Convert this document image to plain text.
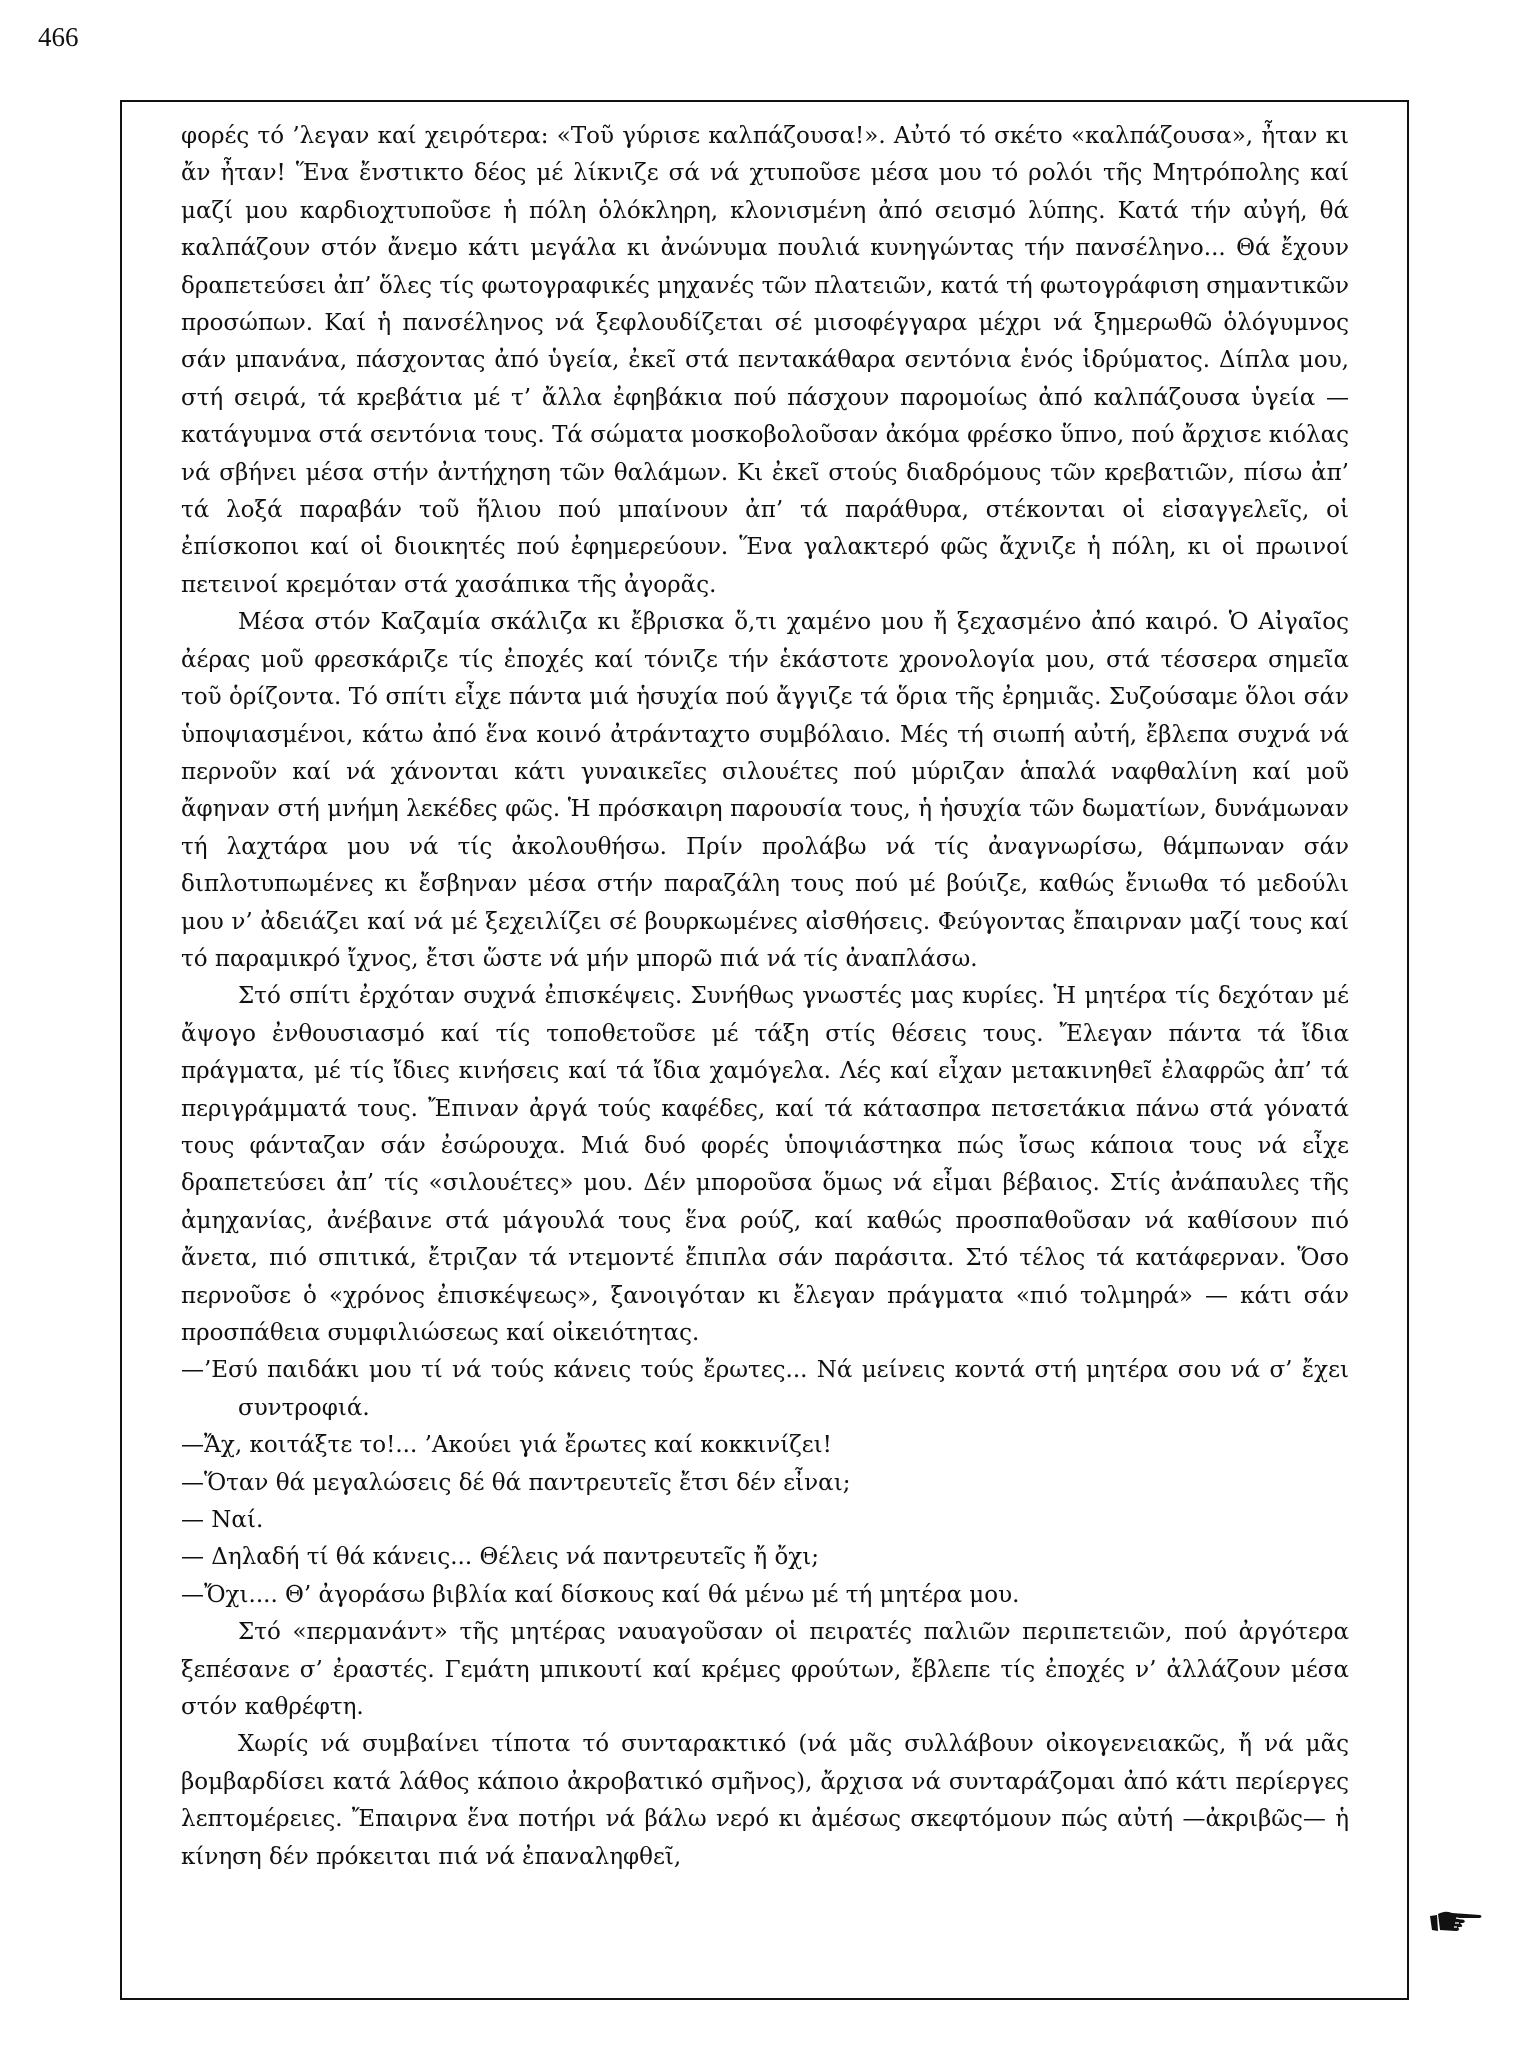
466

φορές τό ’λεγαν καί χειρότερα: «Τοῦ γύρισε καλπάζουσα!». Αὐτό τό σκέτο «καλπάζουσα», ἦταν κι ἄν ἦταν! Ἕνα ἔνστικτο δέος μέ λίκνιζε σά νά χτυποῦσε μέσα μου τό ρολόι τῆς Μητρόπολης καί μαζί μου καρδιοχτυποῦσε ἡ πόλη ὁλόκληρη, κλονισμένη ἀπό σεισμό λύπης. Κατά τήν αὐγή, θά καλπάζουν στόν ἄνεμο κάτι μεγάλα κι ἀνώνυμα πουλιά κυνηγώντας τήν πανσέληνο... Θά ἔχουν δραπετεύσει ἀπ’ ὅλες τίς φωτογραφικές μηχανές τῶν πλατειῶν, κατά τή φωτογράφιση σημαντικῶν προσώπων. Καί ἡ πανσέληνος νά ξεφλουδίζεται σέ μισοφέγγαρα μέχρι νά ξημερωθῶ ὁλόγυμνος σάν μπανάνα, πάσχοντας ἀπό ὑγεία, ἐκεῖ στά πεντακάθαρα σεντόνια ἑνός ἱδρύματος. Δίπλα μου, στή σειρά, τά κρεβάτια μέ τ’ ἄλλα ἐφηβάκια πού πάσχουν παρομοίως ἀπό καλπάζουσα ὑγεία — κατάγυμνα στά σεντόνια τους. Τά σώματα μοσκοβολοῦσαν ἀκόμα φρέσκο ὕπνο, πού ἄρχισε κιόλας νά σβήνει μέσα στήν ἀντήχηση τῶν θαλάμων. Κι ἐκεῖ στούς διαδρόμους τῶν κρεβατιῶν, πίσω ἀπ’ τά λοξά παραβάν τοῦ ἥλιου πού μπαίνουν ἀπ’ τά παράθυρα, στέκονται οἱ εἰσαγγελεῖς, οἱ ἐπίσκοποι καί οἱ διοικητές πού ἐφημερεύουν. Ἕνα γαλακτερό φῶς ἄχνιζε ἡ πόλη, κι οἱ πρωινοί πετεινοί κρεμόταν στά χασάπικα τῆς ἀγορᾶς.

Μέσα στόν Καζαμία σκάλιζα κι ἔβρισκα ὅ,τι χαμένο μου ἤ ξεχασμένο ἀπό καιρό. Ὁ Αἰγαῖος ἀέρας μοῦ φρεσκάριζε τίς ἐποχές καί τόνιζε τήν ἑκάστοτε χρονολογία μου, στά τέσσερα σημεῖα τοῦ ὁρίζοντα. Τό σπίτι εἶχε πάντα μιά ἡσυχία πού ἄγγιζε τά ὅρια τῆς ἐρημιᾶς. Συζούσαμε ὅλοι σάν ὑποψιασμένοι, κάτω ἀπό ἕνα κοινό ἀτράνταχτο συμβόλαιο. Μές τή σιωπή αὐτή, ἔβλεπα συχνά νά περνοῦν καί νά χάνονται κάτι γυναικεῖες σιλουέτες πού μύριζαν ἁπαλά ναφθαλίνη καί μοῦ ἄφηναν στή μνήμη λεκέδες φῶς. Ἡ πρόσκαιρη παρουσία τους, ἡ ἡσυχία τῶν δωματίων, δυνάμωναν τή λαχτάρα μου νά τίς ἀκολουθήσω. Πρίν προλάβω νά τίς ἀναγνωρίσω, θάμπωναν σάν διπλοτυπωμένες κι ἔσβηναν μέσα στήν παραζάλη τους πού μέ βούιζε, καθώς ἔνιωθα τό μεδούλι μου ν’ ἀδειάζει καί νά μέ ξεχειλίζει σέ βουρκωμένες αἰσθήσεις. Φεύγοντας ἔπαιρναν μαζί τους καί τό παραμικρό ἴχνος, ἔτσι ὥστε νά μήν μπορῶ πιά νά τίς ἀναπλάσω.

Στό σπίτι ἐρχόταν συχνά ἐπισκέψεις. Συνήθως γνωστές μας κυρίες. Ἡ μητέρα τίς δεχόταν μέ ἄψογο ἐνθουσιασμό καί τίς τοποθετοῦσε μέ τάξη στίς θέσεις τους. Ἔλεγαν πάντα τά ἴδια πράγματα, μέ τίς ἴδιες κινήσεις καί τά ἴδια χαμόγελα. Λές καί εἶχαν μετακινηθεῖ ἐλαφρῶς ἀπ’ τά περιγράμματά τους. Ἔπιναν ἀργά τούς καφέδες, καί τά κάτασπρα πετσετάκια πάνω στά γόνατά τους φάνταζαν σάν ἐσώρουχα. Μιά δυό φορές ὑποψιάστηκα πώς ἴσως κάποια τους νά εἶχε δραπετεύσει ἀπ’ τίς «σιλουέτες» μου. Δέν μποροῦσα ὅμως νά εἶμαι βέβαιος. Στίς ἀνάπαυλες τῆς ἀμηχανίας, ἀνέβαινε στά μάγουλά τους ἕνα ρούζ, καί καθώς προσπαθοῦσαν νά καθίσουν πιό ἄνετα, πιό σπιτικά, ἔτριζαν τά ντεμοντέ ἔπιπλα σάν παράσιτα. Στό τέλος τά κατάφερναν. Ὅσο περνοῦσε ὁ «χρόνος ἐπισκέψεως», ξανοιγόταν κι ἔλεγαν πράγματα «πιό τολμηρά» — κάτι σάν προσπάθεια συμφιλιώσεως καί οἰκειότητας.

—’Εσύ παιδάκι μου τί νά τούς κάνεις τούς ἔρωτες... Νά μείνεις κοντά στή μητέρα σου νά σ’ ἔχει συντροφιά.

—Ἄχ, κοιτάξτε το!... ’Ακούει γιά ἔρωτες καί κοκκινίζει!

—Ὅταν θά μεγαλώσεις δέ θά παντρευτεῖς ἔτσι δέν εἶναι;

— Ναί.

— Δηλαδή τί θά κάνεις... Θέλεις νά παντρευτεῖς ἤ ὄχι;

—Ὄχι.... Θ’ ἀγοράσω βιβλία καί δίσκους καί θά μένω μέ τή μητέρα μου.

Στό «περμανάντ» τῆς μητέρας ναυαγοῦσαν οἱ πειρατές παλιῶν περιπετειῶν, πού ἀργότερα ξεπέσανε σ’ ἐραστές. Γεμάτη μπικουτί καί κρέμες φρούτων, ἔβλεπε τίς ἐποχές ν’ ἀλλάζουν μέσα στόν καθρέφτη.

Χωρίς νά συμβαίνει τίποτα τό συνταρακτικό (νά μᾶς συλλάβουν οἰκογενειακῶς, ἤ νά μᾶς βομβαρδίσει κατά λάθος κάποιο ἀκροβατικό σμῆνος), ἄρχισα νά συνταράζομαι ἀπό κάτι περίεργες λεπτομέρειες. Ἔπαιρνα ἕνα ποτήρι νά βάλω νερό κι ἀμέσως σκεφτόμουν πώς αὐτή —ἀκριβῶς— ἡ κίνηση δέν πρόκειται πιά νά ἐπαναληφθεῖ,
